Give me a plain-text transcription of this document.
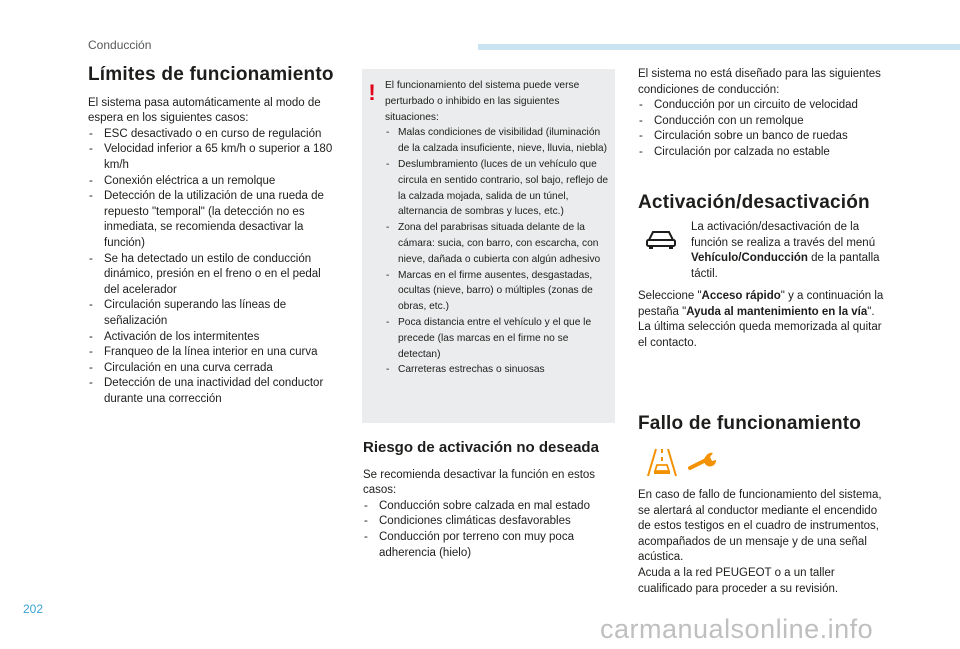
Conducción
Límites de funcionamiento

El sistema pasa automáticamente al modo de espera en los siguientes casos:

- ESC desactivado o en curso de regulación
- Velocidad inferior a 65 km/h o superior a 180 km/h
- Conexión eléctrica a un remolque
- Detección de la utilización de una rueda de repuesto "temporal" (la detección no es inmediata, se recomienda desactivar la función)
- Se ha detectado un estilo de conducción dinámico, presión en el freno o en el pedal del acelerador
- Circulación superando las líneas de señalización
- Activación de los intermitentes
- Franqueo de la línea interior en una curva
- Circulación en una curva cerrada
- Detección de una inactividad del conductor durante una corrección
! El funcionamiento del sistema puede verse perturbado o inhibido en las siguientes situaciones:

- Malas condiciones de visibilidad (iluminación de la calzada insuficiente, nieve, lluvia, niebla)
- Deslumbramiento (luces de un vehículo que circula en sentido contrario, sol bajo, reflejo de la calzada mojada, salida de un túnel, alternancia de sombras y luces, etc.)
- Zona del parabrisas situada delante de la cámara: sucia, con barro, con escarcha, con nieve, dañada o cubierta con algún adhesivo
- Marcas en el firme ausentes, desgastadas, ocultas (nieve, barro) o múltiples (zonas de obras, etc.)
- Poca distancia entre el vehículo y el que le precede (las marcas en el firme no se detectan)
- Carreteras estrechas o sinuosas
Riesgo de activación no deseada

Se recomienda desactivar la función en estos casos:

- Conducción sobre calzada en mal estado
- Condiciones climáticas desfavorables
- Conducción por terreno con muy poca adherencia (hielo)

El sistema no está diseñado para las siguientes condiciones de conducción:

- Conducción por un circuito de velocidad
- Conducción con un remolque
- Circulación sobre un banco de ruedas
- Circulación por calzada no estable
Activación/desactivación
La activación/desactivación de la función se realiza a través del menú Vehículo/Conducción de la pantalla táctil.
Seleccione "Acceso rápido" y a continuación la pestaña "Ayuda al mantenimiento en la vía".

La última selección queda memorizada al quitar el contacto.

Fallo de funcionamiento

En caso de fallo de funcionamiento del sistema, se alertará al conductor mediante el encendido de estos testigos en el cuadro de instrumentos, acompañados de un mensaje y de una señal acústica.

Acuda a la red PEUGEOT o a un taller cualificado para proceder a su revisión.

202
carmanualsonline.info
